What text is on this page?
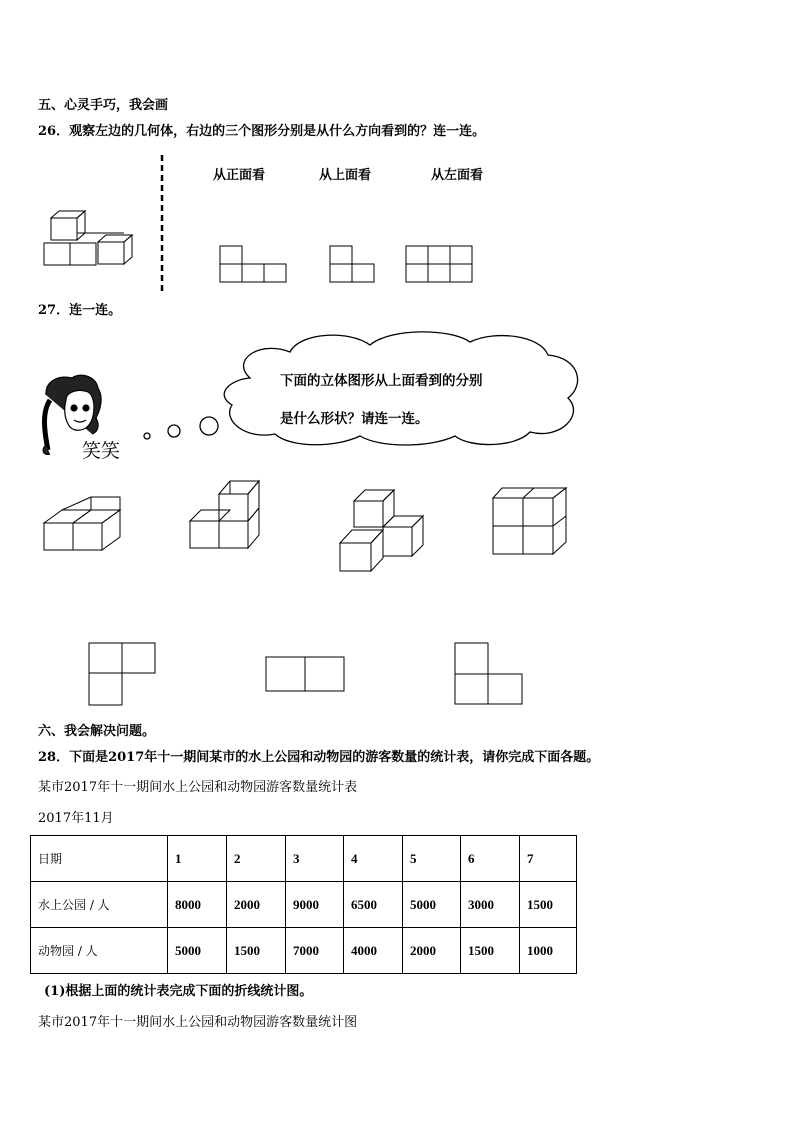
五、心灵手巧，我会画
26．观察左边的几何体，右边的三个图形分别是从什么方向看到的？连一连。
从正面看	从上面看	从左面看
27．连一连。
下面的立体图形从上面看到的分别
是什么形状？请连一连。
笑笑
六、我会解决问题。
28．下面是2017年十一期间某市的水上公园和动物园的游客数量的统计表，请你完成下面各题。
某市2017年十一期间水上公园和动物园游客数量统计表
2017年11月
日期	1	2	3	4	5	6	7
水上公园 / 人	8000	2000	9000	6500	5000	3000	1500
动物园 / 人	5000	1500	7000	4000	2000	1500	1000
(1)根据上面的统计表完成下面的折线统计图。
某市2017年十一期间水上公园和动物园游客数量统计图
